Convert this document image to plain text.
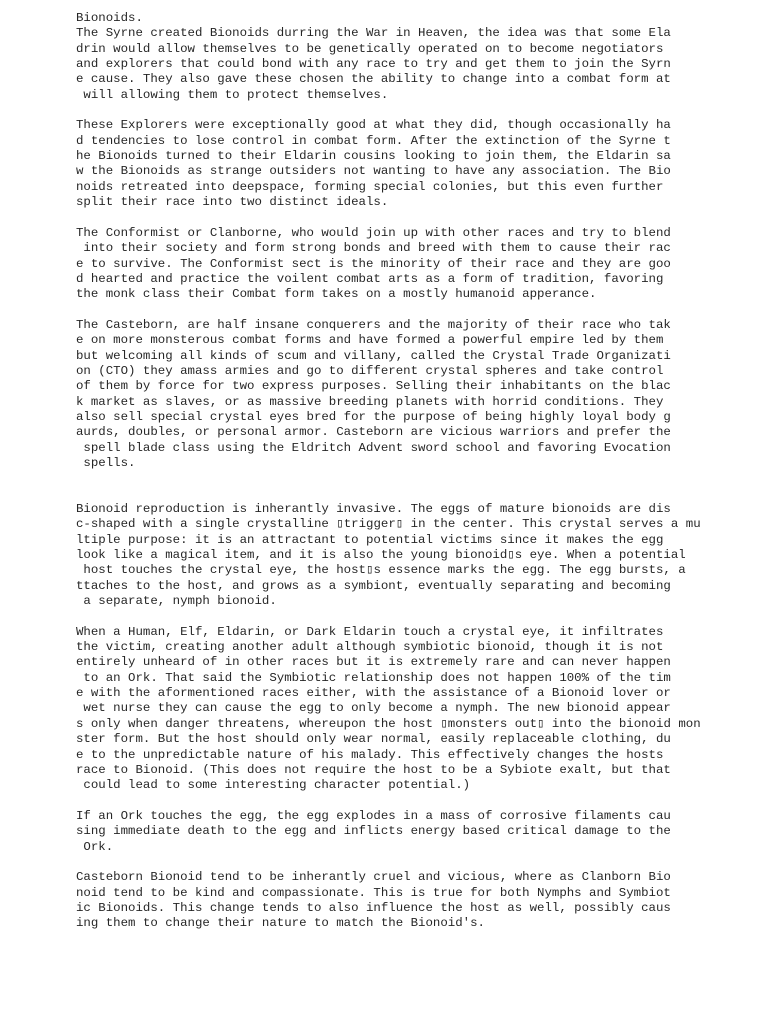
Bionoids.
The Syrne created Bionoids durring the War in Heaven, the idea was that some Ela
drin would allow themselves to be genetically operated on to become negotiators
and explorers that could bond with any race to try and get them to join the Syrn
e cause. They also gave these chosen the ability to change into a combat form at
will allowing them to protect themselves.

These Explorers were exceptionally good at what they did, though occasionally ha
d tendencies to lose control in combat form. After the extinction of the Syrne t
he Bionoids turned to their Eldarin cousins looking to join them, the Eldarin sa
w the Bionoids as strange outsiders not wanting to have any association. The Bio
noids retreated into deepspace, forming special colonies, but this even further
split their race into two distinct ideals.

The Conformist or Clanborne, who would join up with other races and try to blend
into their society and form strong bonds and breed with them to cause their rac
e to survive. The Conformist sect is the minority of their race and they are goo
d hearted and practice the voilent combat arts as a form of tradition, favoring
the monk class their Combat form takes on a mostly humanoid apperance.

The Casteborn, are half insane conquerers and the majority of their race who tak
e on more monsterous combat forms and have formed a powerful empire led by them
but welcoming all kinds of scum and villany, called the Crystal Trade Organizati
on (CTO) they amass armies and go to different crystal spheres and take control
of them by force for two express purposes. Selling their inhabitants on the blac
k market as slaves, or as massive breeding planets with horrid conditions. They
also sell special crystal eyes bred for the purpose of being highly loyal body g
aurds, doubles, or personal armor. Casteborn are vicious warriors and prefer the
spell blade class using the Eldritch Advent sword school and favoring Evocation
spells.

Bionoid reproduction is inherantly invasive. The eggs of mature bionoids are dis
c-shaped with a single crystalline ▯trigger▯ in the center. This crystal serves a mu
ltiple purpose: it is an attractant to potential victims since it makes the egg
look like a magical item, and it is also the young bionoid▯s eye. When a potential
host touches the crystal eye, the host▯s essence marks the egg. The egg bursts, a
ttaches to the host, and grows as a symbiont, eventually separating and becoming
a separate, nymph bionoid.

When a Human, Elf, Eldarin, or Dark Eldarin touch a crystal eye, it infiltrates
the victim, creating another adult although symbiotic bionoid, though it is not
entirely unheard of in other races but it is extremely rare and can never happen
to an Ork. That said the Symbiotic relationship does not happen 100% of the tim
e with the aformentioned races either, with the assistance of a Bionoid lover or
wet nurse they can cause the egg to only become a nymph. The new bionoid appear
s only when danger threatens, whereupon the host ▯monsters out▯ into the bionoid mon
ster form. But the host should only wear normal, easily replaceable clothing, du
e to the unpredictable nature of his malady. This effectively changes the hosts
race to Bionoid. (This does not require the host to be a Sybiote exalt, but that
could lead to some interesting character potential.)

If an Ork touches the egg, the egg explodes in a mass of corrosive filaments cau
sing immediate death to the egg and inflicts energy based critical damage to the
Ork.

Casteborn Bionoid tend to be inherantly cruel and vicious, where as Clanborn Bio
noid tend to be kind and compassionate. This is true for both Nymphs and Symbiot
ic Bionoids. This change tends to also influence the host as well, possibly caus
ing them to change their nature to match the Bionoid's.
